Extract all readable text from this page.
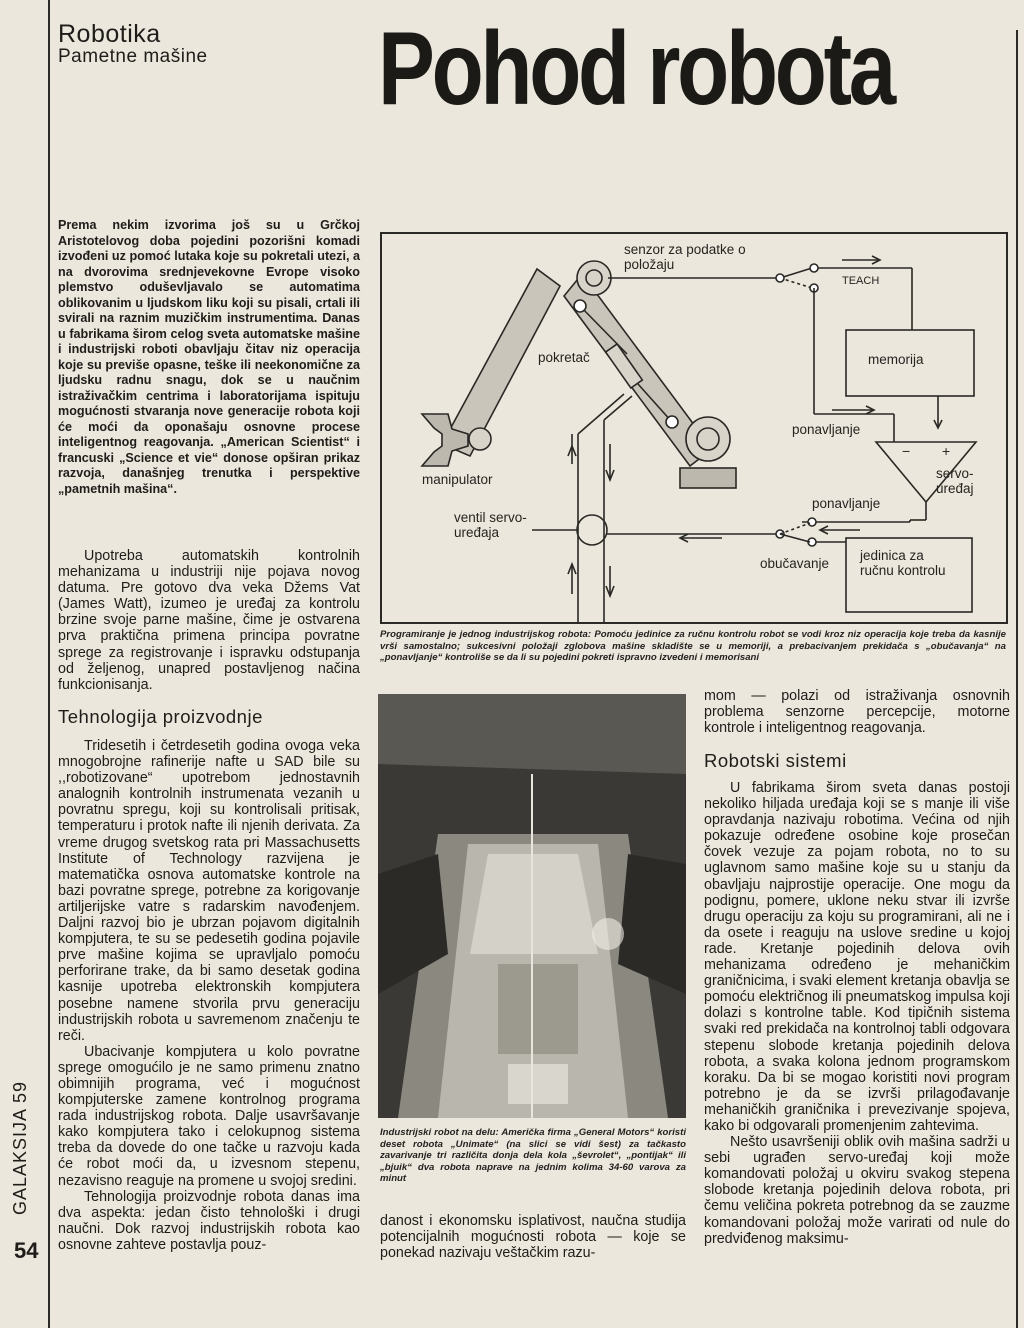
GALAKSIJA 59
54
Robotika
Pametne mašine Pohod robota

Prema nekim izvorima još su u Grčkoj Aristotelovog doba pojedini pozorišni komadi izvođeni uz pomoć lutaka koje su pokretali utezi, a na dvorovima srednjevekovne Evrope visoko plemstvo oduševljavalo se automatima oblikovanim u ljudskom liku koji su pisali, crtali ili svirali na raznim muzičkim instrumentima. Danas u fabrikama širom celog sveta automatske mašine i industrijski roboti obavljaju čitav niz operacija koje su previše opasne, teške ili neekonomične za ljudsku radnu snagu, dok se u naučnim istraživačkim centrima i laboratorijama ispituju mogućnosti stvaranja nove generacije robota koji će moći da oponašaju osnovne procese inteligentnog reagovanja. „American Scientist“ i francuski „Science et vie“ donose opširan prikaz razvoja, današnjeg trenutka i perspektive „pametnih mašina“.

Upotreba automatskih kontrolnih mehanizama u industriji nije pojava novog datuma. Pre gotovo dva veka Džems Vat (James Watt), izumeo je uređaj za kontrolu brzine svoje parne mašine, čime je ostvarena prva praktična primena principa povratne sprege za registrovanje i ispravku odstupanja od željenog, unapred postavljenog načina funkcionisanja.

Tehnologija proizvodnje

Tridesetih i četrdesetih godina ovoga veka mnogobrojne rafinerije nafte u SAD bile su ,,robotizovane“ upotrebom jednostavnih analognih kontrolnih instrumenata vezanih u povratnu spregu, koji su kontrolisali pritisak, temperaturu i protok nafte ili njenih derivata. Za vreme drugog svetskog rata pri Massachusetts Institute of Technology razvijena je matematička osnova automatske kontrole na bazi povratne sprege, potrebne za korigovanje artiljerijske vatre s radarskim navođenjem. Daljni razvoj bio je ubrzan pojavom digitalnih kompjutera, te su se pedesetih godina pojavile prve mašine kojima se upravljalo pomoću perforirane trake, da bi samo desetak godina kasnije upotreba elektronskih kompjutera posebne namene stvorila prvu generaciju industrijskih robota u savremenom značenju te reči.

Ubacivanje kompjutera u kolo povratne sprege omogućilo je ne samo primenu znatno obimnijih programa, već i mogućnost kompjuterske zamene kontrolnog programa rada industrijskog robota. Dalje usavršavanje kako kompjutera tako i celokupnog sistema treba da dovede do one tačke u razvoju kada će robot moći da, u izvesnom stepenu, nezavisno reaguje na promene u svojoj sredini.

Tehnologija proizvodnje robota danas ima dva aspekta: jedan čisto tehnološki i drugi naučni. Dok razvoj industrijskih robota kao osnovne zahteve postavlja pouz-

− +
senzor za podatke o položaju
TEACH
memorija
pokretač
ponavljanje
servo-uređaj
ponavljanje
manipulator
ventil servo-uređaja
obučavanje
jedinica za ručnu kontrolu
Programiranje je jednog industrijskog robota: Pomoću jedinice za ručnu kontrolu robot se vodi kroz niz operacija koje treba da kasnije vrši samostalno; sukcesivni položaji zglobova mašine skladište se u memoriji, a prebacivanjem prekidača s „obučavanja“ na „ponavljanje“ kontroliše se da li su pojedini pokreti ispravno izvedeni i memorisani
Industrijski robot na delu: Američka firma „General Motors“ koristi deset robota „Unimate“ (na slici se vidi šest) za tačkasto zavarivanje tri različita donja dela kola „ševrolet“, „pontijak“ ili „bjuik“ dva robota naprave na jednim kolima 34-60 varova za minut

danost i ekonomsku isplativost, naučna studija potencijalnih mogućnosti robota — koje se ponekad nazivaju veštačkim razu-

mom — polazi od istraživanja osnovnih problema senzorne percepcije, motorne kontrole i inteligentnog reagovanja.

Robotski sistemi

U fabrikama širom sveta danas postoji nekoliko hiljada uređaja koji se s manje ili više opravdanja nazivaju robotima. Većina od njih pokazuje određene osobine koje prosečan čovek vezuje za pojam robota, no to su uglavnom samo mašine koje su u stanju da obavljaju najprostije operacije. One mogu da podignu, pomere, uklone neku stvar ili izvrše drugu operaciju za koju su programirani, ali ne i da osete i reaguju na uslove sredine u kojoj rade. Kretanje pojedinih delova ovih mehanizama određeno je mehaničkim graničnicima, i svaki element kretanja obavlja se pomoću električnog ili pneumatskog impulsa koji dolazi s kontrolne table. Kod tipičnih sistema svaki red prekidača na kontrolnoj tabli odgovara stepenu slobode kretanja pojedinih delova robota, a svaka kolona jednom programskom koraku. Da bi se mogao koristiti novi program potrebno je da se izvrši prilagođavanje mehaničkih graničnika i prevezivanje spojeva, kako bi odgovarali promenjenim zahtevima.

Nešto usavršeniji oblik ovih mašina sadrži u sebi ugrađen servo-uređaj koji može komandovati položaj u okviru svakog stepena slobode kretanja pojedinih delova robota, pri čemu veličina pokreta potrebnog da se zauzme komandovani položaj može varirati od nule do predviđenog maksimu-
